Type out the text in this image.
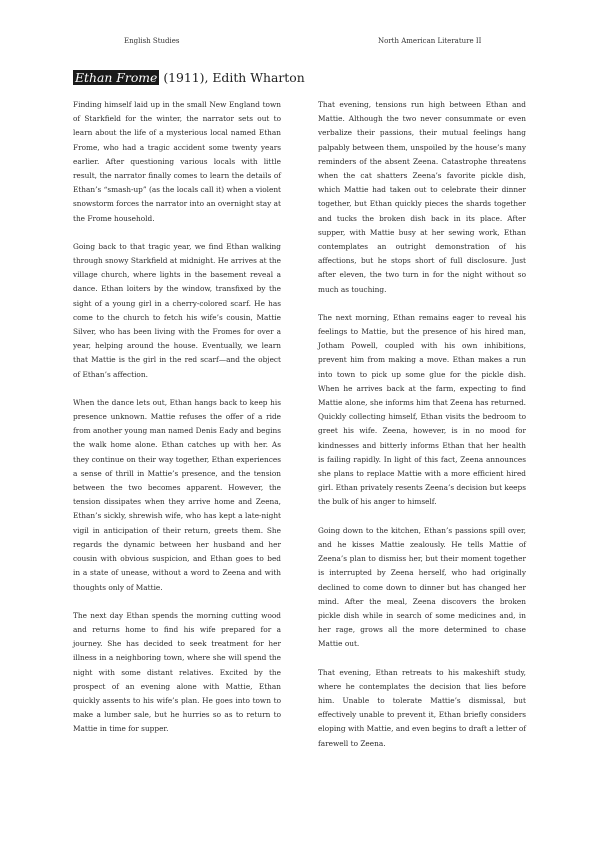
English Studies	North American Literature II
Ethan Frome (1911), Edith Wharton

Finding himself laid up in the small New England town of Starkfield for the winter, the narrator sets out to learn about the life of a mysterious local named Ethan Frome, who had a tragic accident some twenty years earlier. After questioning various locals with little result, the narrator finally comes to learn the details of Ethan’s “smash-up” (as the locals call it) when a violent snowstorm forces the narrator into an overnight stay at the Frome household.

Going back to that tragic year, we find Ethan walking through snowy Starkfield at midnight. He arrives at the village church, where lights in the basement reveal a dance. Ethan loiters by the window, transfixed by the sight of a young girl in a cherry-colored scarf. He has come to the church to fetch his wife’s cousin, Mattie Silver, who has been living with the Fromes for over a year, helping around the house. Eventually, we learn that Mattie is the girl in the red scarf—and the object of Ethan’s affection.

When the dance lets out, Ethan hangs back to keep his presence unknown. Mattie refuses the offer of a ride from another young man named Denis Eady and begins the walk home alone. Ethan catches up with her. As they continue on their way together, Ethan experiences a sense of thrill in Mattie’s presence, and the tension between the two becomes apparent. However, the tension dissipates when they arrive home and Zeena, Ethan’s sickly, shrewish wife, who has kept a late-night vigil in anticipation of their return, greets them. She regards the dynamic between her husband and her cousin with obvious suspicion, and Ethan goes to bed in a state of unease, without a word to Zeena and with thoughts only of Mattie.

The next day Ethan spends the morning cutting wood and returns home to find his wife prepared for a journey. She has decided to seek treatment for her illness in a neighboring town, where she will spend the night with some distant relatives. Excited by the prospect of an evening alone with Mattie, Ethan quickly assents to his wife’s plan. He goes into town to make a lumber sale, but he hurries so as to return to Mattie in time for supper.

That evening, tensions run high between Ethan and Mattie. Although the two never consummate or even verbalize their passions, their mutual feelings hang palpably between them, unspoiled by the house’s many reminders of the absent Zeena. Catastrophe threatens when the cat shatters Zeena’s favorite pickle dish, which Mattie had taken out to celebrate their dinner together, but Ethan quickly pieces the shards together and tucks the broken dish back in its place. After supper, with Mattie busy at her sewing work, Ethan contemplates an outright demonstration of his affections, but he stops short of full disclosure. Just after eleven, the two turn in for the night without so much as touching.

The next morning, Ethan remains eager to reveal his feelings to Mattie, but the presence of his hired man, Jotham Powell, coupled with his own inhibitions, prevent him from making a move. Ethan makes a run into town to pick up some glue for the pickle dish. When he arrives back at the farm, expecting to find Mattie alone, she informs him that Zeena has returned. Quickly collecting himself, Ethan visits the bedroom to greet his wife. Zeena, however, is in no mood for kindnesses and bitterly informs Ethan that her health is failing rapidly. In light of this fact, Zeena announces she plans to replace Mattie with a more efficient hired girl. Ethan privately resents Zeena’s decision but keeps the bulk of his anger to himself.

Going down to the kitchen, Ethan’s passions spill over, and he kisses Mattie zealously. He tells Mattie of Zeena’s plan to dismiss her, but their moment together is interrupted by Zeena herself, who had originally declined to come down to dinner but has changed her mind. After the meal, Zeena discovers the broken pickle dish while in search of some medicines and, in her rage, grows all the more determined to chase Mattie out.

That evening, Ethan retreats to his makeshift study, where he contemplates the decision that lies before him. Unable to tolerate Mattie’s dismissal, but effectively unable to prevent it, Ethan briefly considers eloping with Mattie, and even begins to draft a letter of farewell to Zeena.
